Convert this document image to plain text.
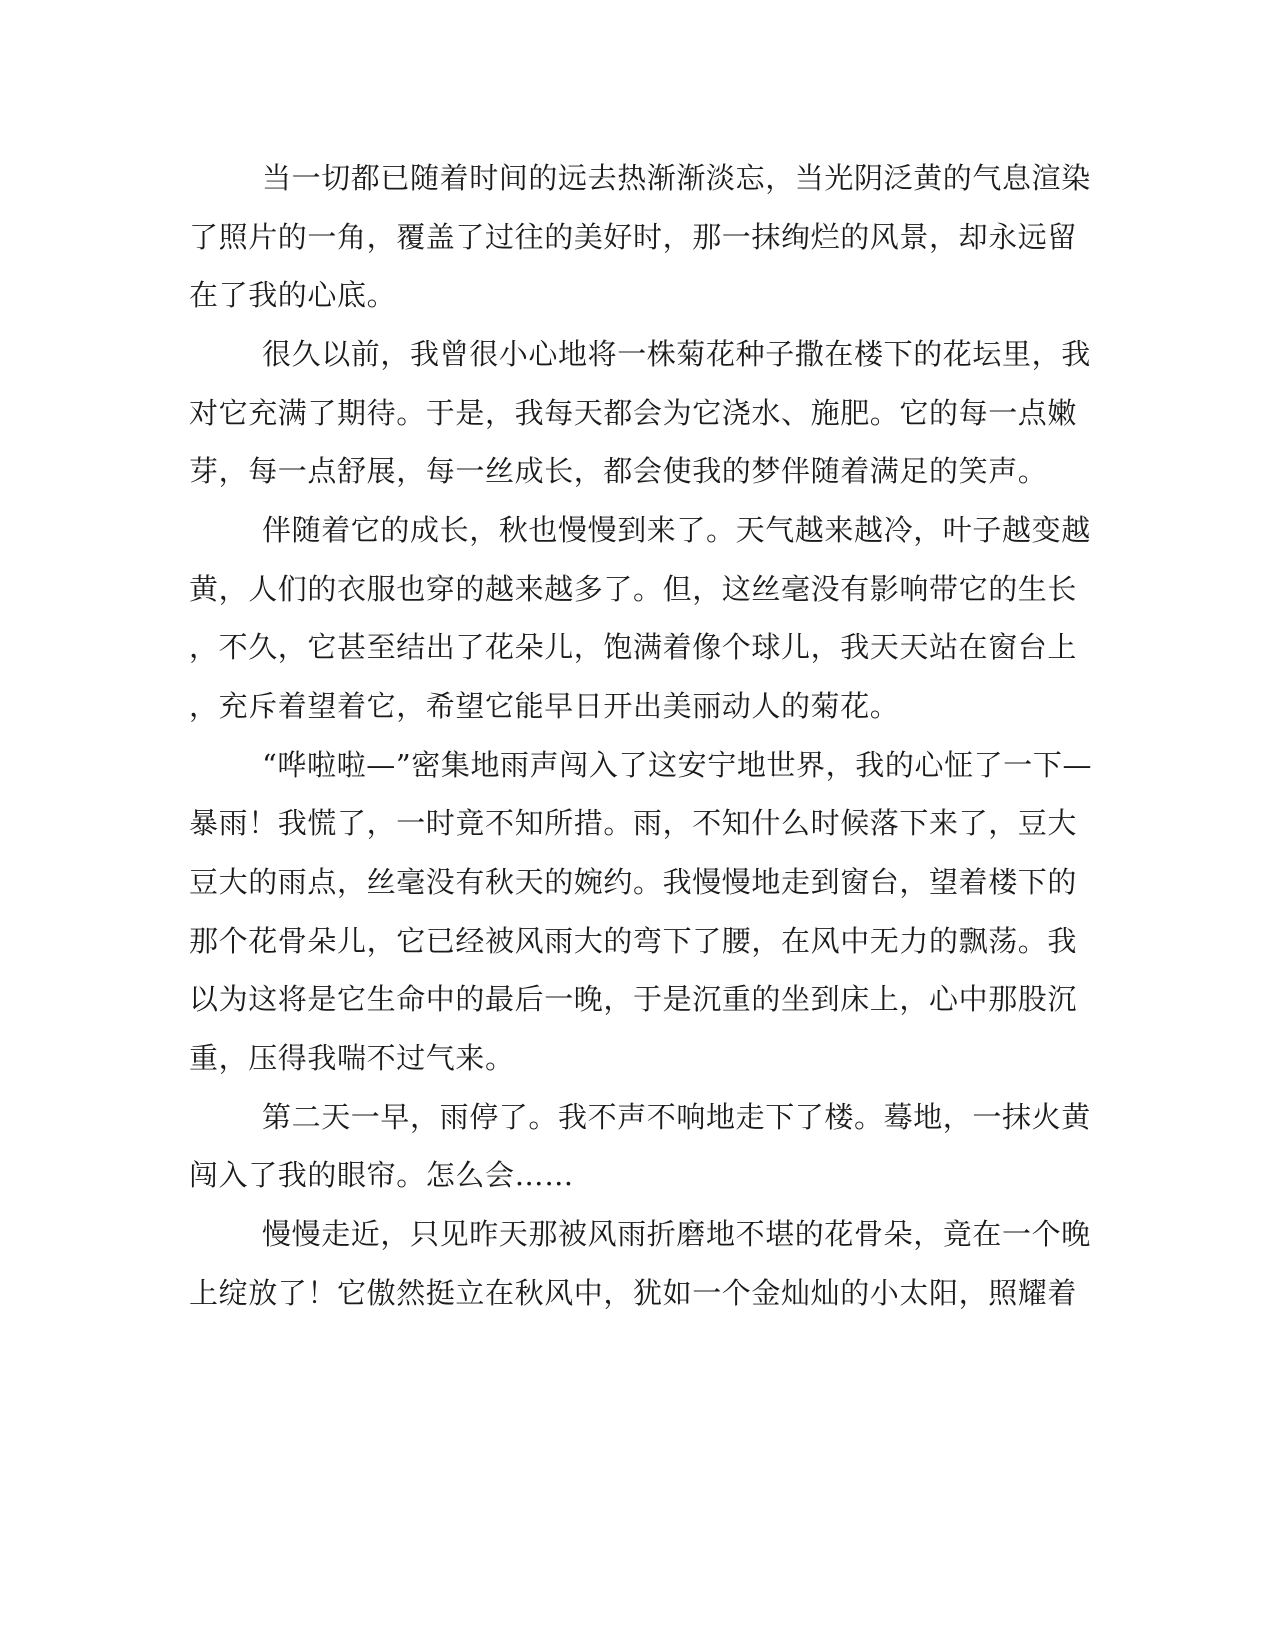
当一切都已随着时间的远去热渐渐淡忘，当光阴泛黄的气息渲染
了照片的一角，覆盖了过往的美好时，那一抹绚烂的风景，却永远留
在了我的心底。
很久以前，我曾很小心地将一株菊花种子撒在楼下的花坛里，我
对它充满了期待。于是，我每天都会为它浇水、施肥。它的每一点嫩
芽，每一点舒展，每一丝成长，都会使我的梦伴随着满足的笑声。
伴随着它的成长，秋也慢慢到来了。天气越来越冷，叶子越变越
黄，人们的衣服也穿的越来越多了。但，这丝毫没有影响带它的生长
，不久，它甚至结出了花朵儿，饱满着像个球儿，我天天站在窗台上
，充斥着望着它，希望它能早日开出美丽动人的菊花。
“哗啦啦—”密集地雨声闯入了这安宁地世界，我的心怔了一下—
暴雨！我慌了，一时竟不知所措。雨，不知什么时候落下来了，豆大
豆大的雨点，丝毫没有秋天的婉约。我慢慢地走到窗台，望着楼下的
那个花骨朵儿，它已经被风雨大的弯下了腰，在风中无力的飘荡。我
以为这将是它生命中的最后一晚，于是沉重的坐到床上，心中那股沉
重，压得我喘不过气来。
第二天一早，雨停了。我不声不响地走下了楼。蓦地，一抹火黄
闯入了我的眼帘。怎么会……
慢慢走近，只见昨天那被风雨折磨地不堪的花骨朵，竟在一个晚
上绽放了！它傲然挺立在秋风中，犹如一个金灿灿的小太阳，照耀着
